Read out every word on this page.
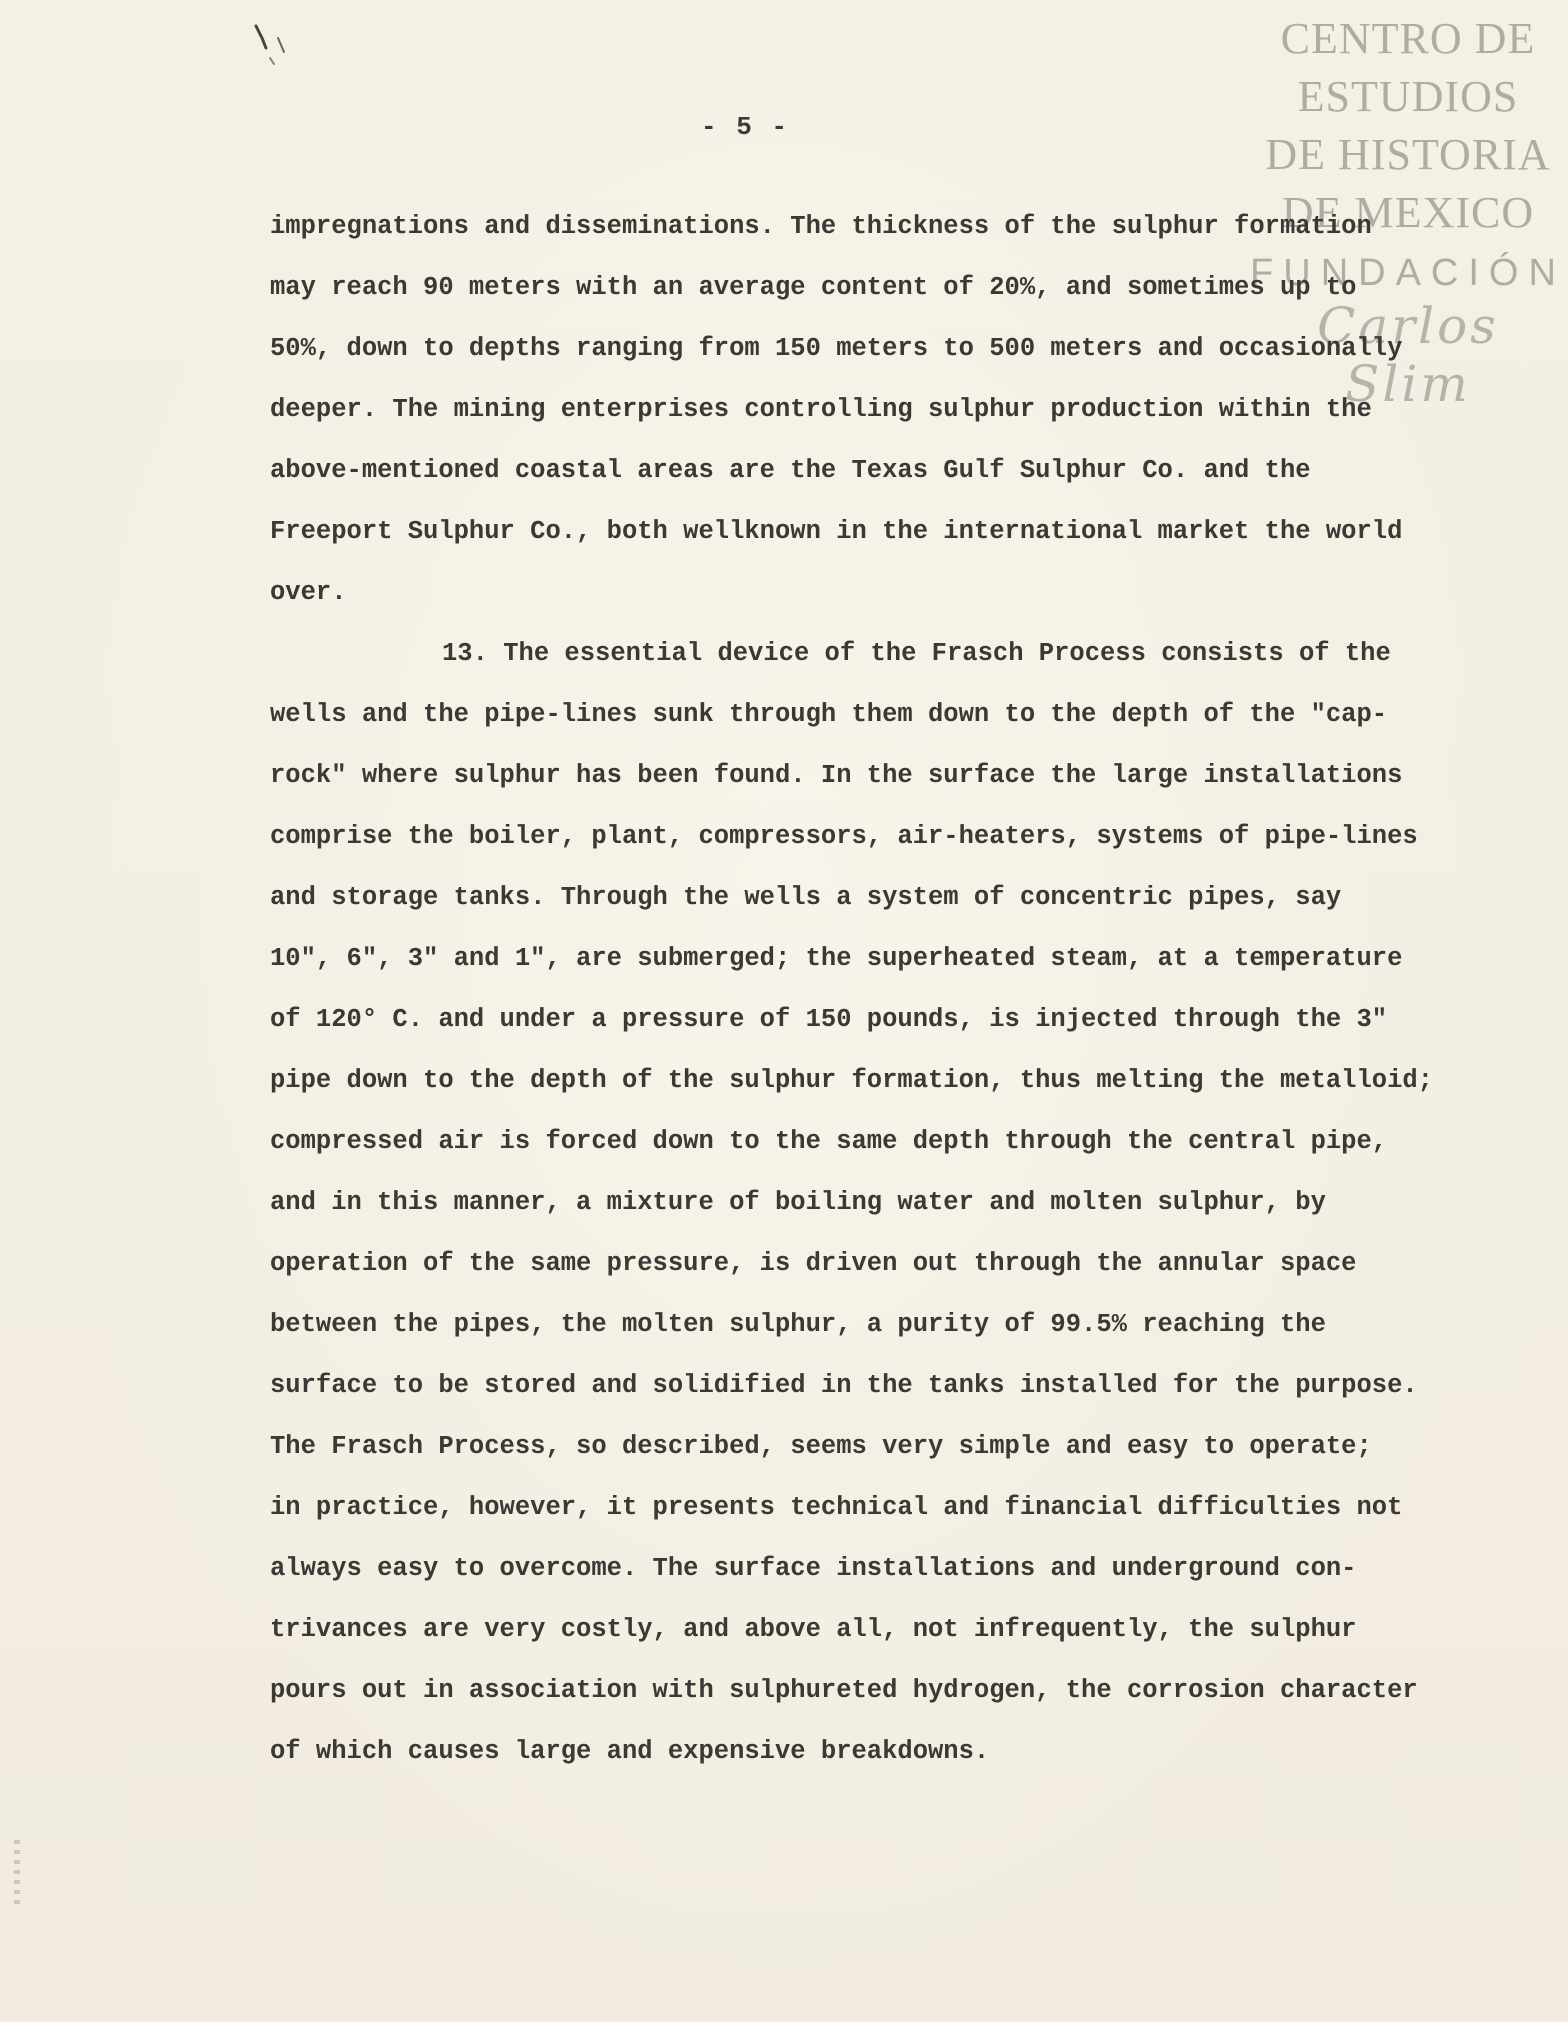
- 5 -
CENTRO DE
ESTUDIOS
DE HISTORIA
DE MEXICO
FUNDACIÓN
Carlos Slim
impregnations and disseminations. The thickness of the sulphur formation
may reach 90 meters with an average content of 20%, and sometimes up to
50%, down to depths ranging from 150 meters to 500 meters and occasionally
deeper. The mining enterprises controlling sulphur production within the
above-mentioned coastal areas are the Texas Gulf Sulphur Co. and the
Freeport Sulphur Co., both wellknown in the international market the world
over.
13. The essential device of the Frasch Process consists of the
wells and the pipe-lines sunk through them down to the depth of the "cap-
rock" where sulphur has been found. In the surface the large installations
comprise the boiler, plant, compressors, air-heaters, systems of pipe-lines
and storage tanks. Through the wells a system of concentric pipes, say
10", 6", 3" and 1", are submerged; the superheated steam, at a temperature
of 120° C. and under a pressure of 150 pounds, is injected through the 3"
pipe down to the depth of the sulphur formation, thus melting the metalloid;
compressed air is forced down to the same depth through the central pipe,
and in this manner, a mixture of boiling water and molten sulphur, by
operation of the same pressure, is driven out through the annular space
between the pipes, the molten sulphur, a purity of 99.5% reaching the
surface to be stored and solidified in the tanks installed for the purpose.
The Frasch Process, so described, seems very simple and easy to operate;
in practice, however, it presents technical and financial difficulties not
always easy to overcome. The surface installations and underground con-
trivances are very costly, and above all, not infrequently, the sulphur
pours out in association with sulphureted hydrogen, the corrosion character
of which causes large and expensive breakdowns.
